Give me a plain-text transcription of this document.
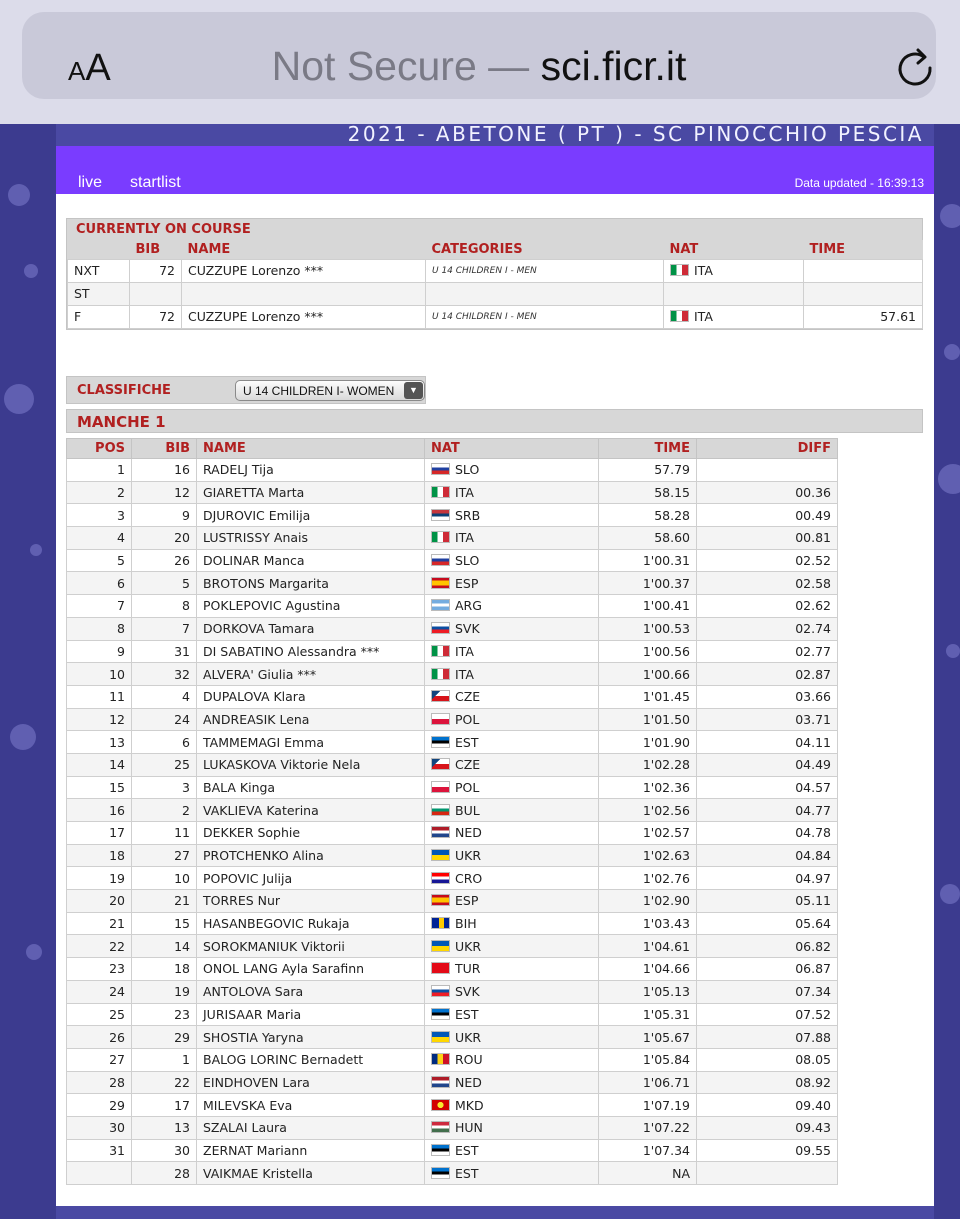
AA	Not Secure — sci.ficr.it
2021 - ABETONE ( PT ) - SC PINOCCHIO PESCIA
live startlist	Data updated - 16:39:13
CURRENTLY ON COURSE
	BIB	NAME	CATEGORIES	NAT	TIME
NXT	72	CUZZUPE Lorenzo ***	U 14 CHILDREN I - MEN	ITA	
ST					
F	72	CUZZUPE Lorenzo ***	U 14 CHILDREN I - MEN	ITA	57.61
CLASSIFICHE	U 14 CHILDREN I- WOMEN	▼
MANCHE 1
POS	BIB	NAME	NAT	TIME	DIFF
1	16	RADELJ Tija	SLO	57.79	
2	12	GIARETTA Marta	ITA	58.15	00.36
3	9	DJUROVIC Emilija	SRB	58.28	00.49
4	20	LUSTRISSY Anais	ITA	58.60	00.81
5	26	DOLINAR Manca	SLO	1'00.31	02.52
6	5	BROTONS Margarita	ESP	1'00.37	02.58
7	8	POKLEPOVIC Agustina	ARG	1'00.41	02.62
8	7	DORKOVA Tamara	SVK	1'00.53	02.74
9	31	DI SABATINO Alessandra ***	ITA	1'00.56	02.77
10	32	ALVERA' Giulia ***	ITA	1'00.66	02.87
11	4	DUPALOVA Klara	CZE	1'01.45	03.66
12	24	ANDREASIK Lena	POL	1'01.50	03.71
13	6	TAMMEMAGI Emma	EST	1'01.90	04.11
14	25	LUKASKOVA Viktorie Nela	CZE	1'02.28	04.49
15	3	BALA Kinga	POL	1'02.36	04.57
16	2	VAKLIEVA Katerina	BUL	1'02.56	04.77
17	11	DEKKER Sophie	NED	1'02.57	04.78
18	27	PROTCHENKO Alina	UKR	1'02.63	04.84
19	10	POPOVIC Julija	CRO	1'02.76	04.97
20	21	TORRES Nur	ESP	1'02.90	05.11
21	15	HASANBEGOVIC Rukaja	BIH	1'03.43	05.64
22	14	SOROKMANIUK Viktorii	UKR	1'04.61	06.82
23	18	ONOL LANG Ayla Sarafinn	TUR	1'04.66	06.87
24	19	ANTOLOVA Sara	SVK	1'05.13	07.34
25	23	JURISAAR Maria	EST	1'05.31	07.52
26	29	SHOSTIA Yaryna	UKR	1'05.67	07.88
27	1	BALOG LORINC Bernadett	ROU	1'05.84	08.05
28	22	EINDHOVEN Lara	NED	1'06.71	08.92
29	17	MILEVSKA Eva	MKD	1'07.19	09.40
30	13	SZALAI Laura	HUN	1'07.22	09.43
31	30	ZERNAT Mariann	EST	1'07.34	09.55
	28	VAIKMAE Kristella	EST	NA	
